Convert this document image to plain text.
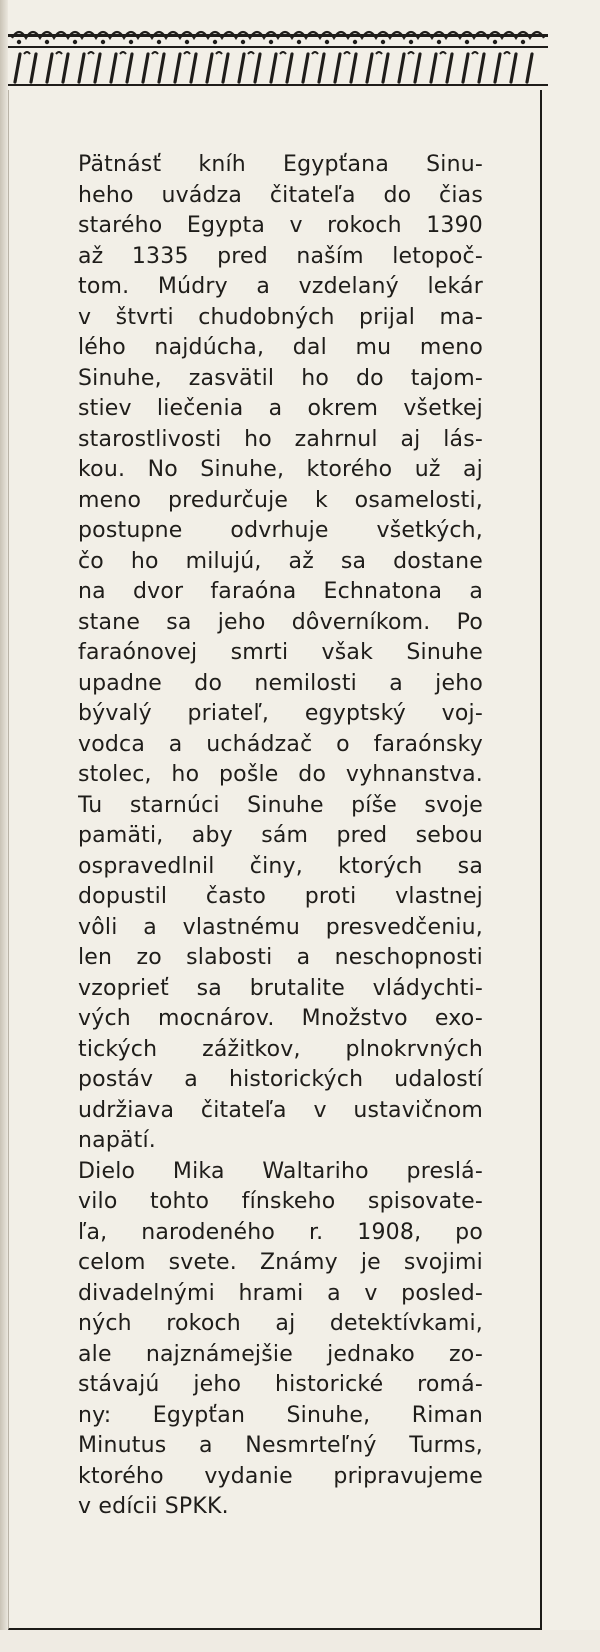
Pätnásť kníh Egypťana Sinu-
heho uvádza čitateľa do čias
starého Egypta v rokoch 1390
až 1335 pred naším letopoč-
tom. Múdry a vzdelaný lekár
v štvrti chudobných prijal ma-
lého najdúcha, dal mu meno
Sinuhe, zasvätil ho do tajom-
stiev liečenia a okrem všetkej
starostlivosti ho zahrnul aj lás-
kou. No Sinuhe, ktorého už aj
meno predurčuje k osamelosti,
postupne odvrhuje všetkých,
čo ho milujú, až sa dostane
na dvor faraóna Echnatona a
stane sa jeho dôverníkom. Po
faraónovej smrti však Sinuhe
upadne do nemilosti a jeho
bývalý priateľ, egyptský voj-
vodca a uchádzač o faraónsky
stolec, ho pošle do vyhnanstva.
Tu starnúci Sinuhe píše svoje
pamäti, aby sám pred sebou
ospravedlnil činy, ktorých sa
dopustil často proti vlastnej
vôli a vlastnému presvedčeniu,
len zo slabosti a neschopnosti
vzoprieť sa brutalite vládychti-
vých mocnárov. Množstvo exo-
tických zážitkov, plnokrvných
postáv a historických udalostí
udržiava čitateľa v ustavičnom
napätí.
Dielo Mika Waltariho preslá-
vilo tohto fínskeho spisovate-
ľa, narodeného r. 1908, po
celom svete. Známy je svojimi
divadelnými hrami a v posled-
ných rokoch aj detektívkami,
ale najznámejšie jednako zo-
stávajú jeho historické romá-
ny: Egypťan Sinuhe, Riman
Minutus a Nesmrteľný Turms,
ktorého vydanie pripravujeme
v edícii SPKK.
